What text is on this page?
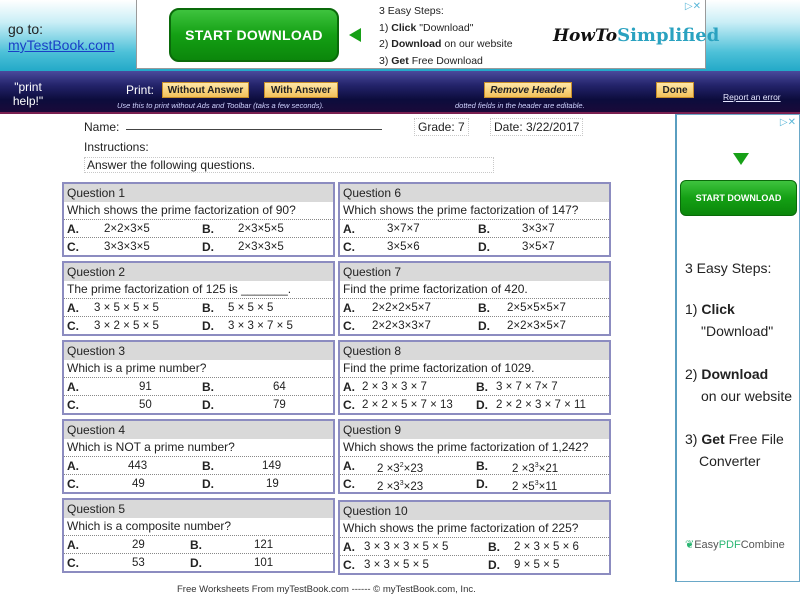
go to:
myTestBook.com
START DOWNLOAD
3 Easy Steps:
1) Click "Download"
2) Download on our website
3) Get Free Download
HowToSimplified
▷✕
"print help!"
Print:	Without Answer	With Answer
Use this to print without Ads and Toolbar (taks a few seconds).
Remove Header
dotted fields in the header are editable.
Done
Report an error
Name:	Grade: 7	Date: 3/22/2017
Instructions:
Answer the following questions.
Question 1
Which shows the prime factorization of 90?
A. 2×2×3×5	B. 2×3×5×5
C. 3×3×3×5	D. 2×3×3×5
Question 2
The prime factorization of 125 is _______.
A. 3 × 5 × 5 × 5	B. 5 × 5 × 5
C. 3 × 2 × 5 × 5	D. 3 × 3 × 7 × 5
Question 3
Which is a prime number?
A.	91	B.	64
C.	50	D.	79
Question 4
Which is NOT a prime number?
A.	443	B.	149
C.	49	D.	19
Question 5
Which is a composite number?
A.	29	B.	121
C.	53	D.	101
Question 6
Which shows the prime factorization of 147?
A.	3×7×7	B.	3×3×7
C.	3×5×6	D.	3×5×7
Question 7
Find the prime factorization of 420.
A. 2×2×2×5×7	B. 2×5×5×5×7
C. 2×2×3×3×7	D. 2×2×3×5×7
Question 8
Find the prime factorization of 1029.
A. 2 × 3 × 3 × 7	B. 3 × 7 × 7× 7
C. 2 × 2 × 5 × 7 × 13 D. 2 × 2 × 3 × 7 × 11
Question 9
Which shows the prime factorization of 1,242?
A. $2 \times 3^2\times 23$	B. $2 \times 3^3\times 21$
C. $2 \times 3^3\times 23$	D. $2 \times 5^3\times 11$
Question 10
Which shows the prime factorization of 225?
A. 3 × 3 × 3 × 5 × 5	B. 2 × 3 × 5 × 6
C. 3 × 3 × 5 × 5	D. 9 × 5 × 5
Free Worksheets From myTestBook.com ------ © myTestBook.com, Inc.
▷✕
START DOWNLOAD
3 Easy Steps:
1) Click
"Download"
2) Download
on our website
3) Get Free File
Converter
❦EasyPDFCombine
